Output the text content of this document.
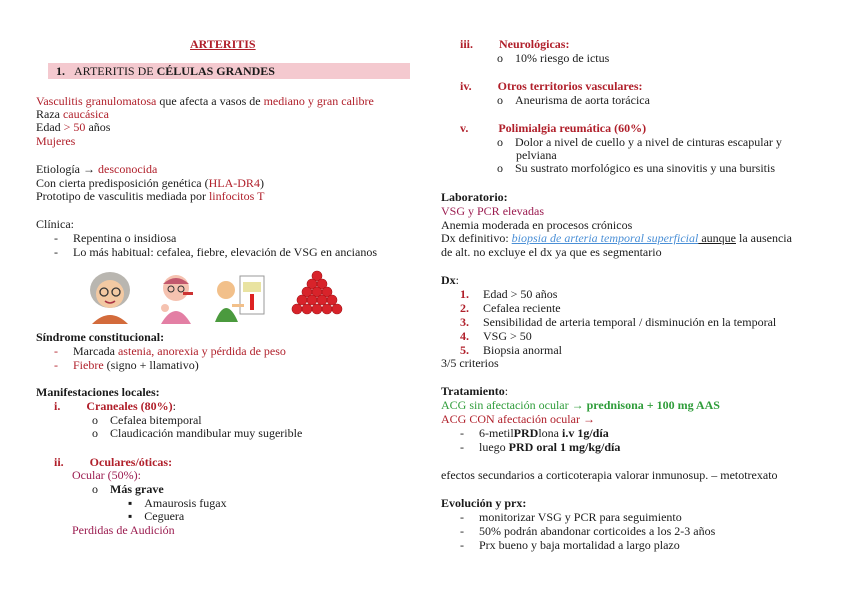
ARTERITIS
1. ARTERITIS DE CÉLULAS GRANDES
Vasculitis granulomatosa que afecta a vasos de mediano y gran calibre
Raza caucásica
Edad > 50 años
Mujeres
Etiología → desconocida
Con cierta predisposición genética (HLA-DR4)
Prototipo de vasculitis mediada por linfocitos T
Clínica:
-     Repentina o insidiosa
-     Lo más habitual: cefalea, fiebre, elevación de VSG en ancianos
Síndrome constitucional:
- Marcada astenia, anorexia y pérdida de peso
- Fiebre (signo + llamativo)
Manifestaciones locales:
i. Craneales (80%):
o    Cefalea bitemporal
o    Claudicación mandibular muy sugerible
ii. Oculares/óticas:
Ocular (50%):
o    Más grave
▪    Amaurosis fugax
▪    Ceguera
Perdidas de Audición
iii. Neurológicas:
o    10% riesgo de ictus
iv. Otros territorios vasculares:
o    Aneurisma de aorta torácica
v.	Polimialgia reumática (60%)
o    Dolor a nivel de cuello y a nivel de cinturas escapular y
pelviana
o    Su sustrato morfológico es una sinovitis y una bursitis
Laboratorio:
VSG y PCR elevadas
Anemia moderada en procesos crónicos
Dx definitivo: biopsia de arteria temporal superficial aunque la ausencia
de alt. no excluye el dx ya que es segmentario
Dx:
1. Edad > 50 años
2. Cefalea reciente
3. Sensibilidad de arteria temporal / disminución en la temporal
4. VSG > 50
5. Biopsia anormal
3/5 criterios
Tratamiento:
ACG sin afectación ocular → prednisona + 100 mg AAS
ACG CON afectación ocular →
-     6-metilPRDlona i.v 1g/día
-     luego PRD oral 1 mg/kg/día
efectos secundarios a corticoterapia valorar inmunosup. – metotrexato
Evolución y prx:
-     monitorizar VSG y PCR para seguimiento
-     50% podrán abandonar corticoides a los 2-3 años
-     Prx bueno y baja mortalidad a largo plazo
